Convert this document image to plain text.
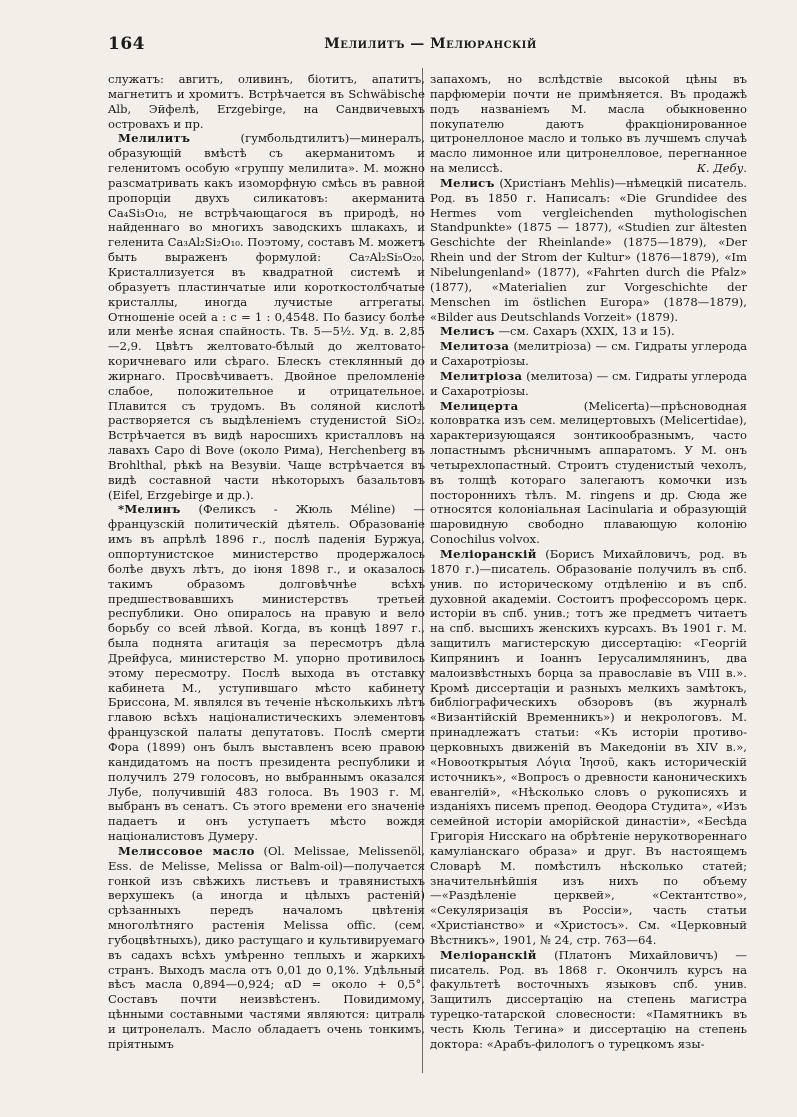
164	Мелилитъ — Мелюранскій

служатъ: авгитъ, оливинъ, біотитъ, апатитъ, магнетитъ и хромитъ. Встрѣчается въ Schwäbische Alb, Эйфелѣ, Erzgebirge, на Сандвичевыхъ островахъ и пр.

Мелилитъ	(гумбольдтилитъ)—минералъ, образующій вмѣстѣ съ акерманитомъ и геленитомъ особую «группу мелилита». М. можно разсматривать какъ изоморфную смѣсь въ равной пропорціи двухъ силикатовъ: акерманита Ca₄Si₃O₁₀, не встрѣчающагося въ природѣ, но найденнаго во многихъ заводскихъ шлакахъ, и геленита Ca₃Al₂Si₂O₁₀. Поэтому, составъ М. можетъ быть выраженъ формулой: Ca₇Al₂Si₅O₂₀. Кристаллизуется въ квадратной системѣ и образуетъ пластинчатые или короткостолбчатые кристаллы, иногда лучистые аггрегаты. Отношеніе осей a : c = 1 : 0,4548. По базису болѣе или менѣе ясная спайность. Тв. 5—5½. Уд. в. 2,85—2,9. Цвѣтъ желтовато-бѣлый до желтовато-коричневаго или сѣраго. Блескъ стеклянный до жирнаго. Просвѣчиваетъ. Двойное преломленіе слабое, положительное и отрицательное. Плавится съ трудомъ. Въ соляной кислотѣ растворяется съ выдѣленіемъ студенистой SiO₂. Встрѣчается въ видѣ наросшихъ кристалловъ на лавахъ Capo di Bove (около Рима), Herchenberg въ Brohlthal, рѣкѣ на Везувіи. Чаще встрѣчается въ видѣ составной части нѣкоторыхъ базальтовъ (Eifel, Erzgebirge и др.).

*Мелинъ (Феликсъ - Жюль Méline) — французскій политическій дѣятель. Образованіе имъ въ апрѣлѣ 1896 г., послѣ паденія Буржуа, оппортунистское министерство продержалось болѣе двухъ лѣтъ, до іюня 1898 г., и оказалось такимъ образомъ долговѣчнѣе всѣхъ предшествовавшихъ министерствъ третьей республики. Оно опиралось на правую и вело борьбу со всей лѣвой. Когда, въ концѣ 1897 г., была поднята агитація за пересмотръ дѣла Дрейфуса, министерство М. упорно противилось этому пересмотру. Послѣ выхода въ отставку кабинета М., уступившаго мѣсто кабинету Бриссона, М. являлся въ теченіе нѣсколькихъ лѣтъ главою всѣхъ націоналистическихъ элементовъ французской палаты депутатовъ. Послѣ смерти Фора (1899) онъ былъ выставленъ всею правою кандидатомъ на постъ президента республики и получилъ 279 голосовъ, но выбраннымъ оказался Лубе, получившій 483 голоса. Въ 1903 г. М. выбранъ въ сенатъ. Съ этого времени его значеніе падаетъ и онъ уступаетъ мѣсто вождя націоналистовъ Думеру.

Мелиссовое масло (Ol. Melissae, Melissenöl, Ess. de Melisse, Melissa or Balm-oil)—получается гонкой изъ свѣжихъ листьевъ и травянистыхъ верхушекъ (а иногда и цѣлыхъ растеній) срѣзанныхъ передъ началомъ цвѣтенія многолѣтняго растенія Melissa offic. (сем. губоцвѣтныхъ), дико растущаго и культивируемаго въ садахъ всѣхъ умѣренно теплыхъ и жаркихъ странъ. Выходъ масла отъ 0,01 до 0,1%. Удѣльный вѣсъ масла 0,894—0,924; αD = около + 0,5°. Составъ почти неизвѣстенъ. Повидимому, цѣнными составными частями являются: цитраль и цитронелалъ. Масло обладаетъ очень тонкимъ, пріятнымъ

запахомъ, но вслѣдствіе высокой цѣны въ парфюмеріи почти не примѣняется. Въ продажѣ подъ названіемъ М. масла обыкновенно покупателю даютъ фракціонированное цитронеллоное масло и только въ лучшемъ случаѣ масло лимонное или цитронелловое, перегнанное на мелиссѣ.	К. Дебу.

Мелисъ (Христіанъ Mehlis)—нѣмецкій писатель. Род. въ 1850 г. Написалъ: «Die Grundidee des Hermes vom vergleichenden mythologischen Standpunkte» (1875 — 1877), «Studien zur ältesten Geschichte der Rheinlande» (1875—1879), «Der Rhein und der Strom der Kultur» (1876—1879), «Im Nibelungenland» (1877), «Fahrten durch die Pfalz» (1877), «Materialien zur Vorgeschichte der Menschen im östlichen Europa» (1878—1879), «Bilder aus Deutschlands Vorzeit» (1879).

Мелисъ —см. Сахаръ (XXIX, 13 и 15).

Мелитоза (мелитріоза) — см. Гидраты углерода и Сахаротріозы.

Мелитріоза (мелитоза) — см. Гидраты углерода и Сахаротріозы.

Мелицерта	(Melicerta)—прѣсноводная коловратка изъ сем. мелицертовыхъ (Melicertidae), характеризующаяся зонтикообразнымъ, часто лопастнымъ рѣсничнымъ аппаратомъ. У М. онъ четырехлопастный. Строитъ студенистый чехолъ, въ толщѣ котораго залегаютъ комочки изъ постороннихъ тѣлъ. M. ringens и др. Сюда же относятся колоніальная Lacinularia и образующій шаровидную свободно плавающую колонію Conochilus volvox.

Меліоранскій (Борисъ Михайловичъ, род. въ 1870 г.)—писатель. Образованіе получилъ въ спб. унив. по историческому отдѣленію и въ спб. духовной академіи. Состоитъ профессоромъ церк. исторіи въ спб. унив.; тотъ же предметъ читаетъ на спб. высшихъ женскихъ курсахъ. Въ 1901 г. М. защитилъ магистерскую диссертацію: «Георгій Кипрянинъ и Іоаннъ Іерусалимлянинъ, два малоизвѣстныхъ борца за православіе въ VIII в.». Кромѣ диссертаціи и разныхъ мелкихъ замѣтокъ, библіографическихъ обзоровъ (въ журналѣ «Византійскій Временникъ») и некрологовъ. М. принадлежатъ статьи: «Къ исторіи противо-церковныхъ движеній въ Македоніи въ XIV в.», «Новооткрытыя Λόγια Ἰησοῦ, какъ историческій источникъ», «Вопросъ о древности каноническихъ евангелій», «Нѣсколько словъ о рукописяхъ и изданіяхъ писемъ препод. Ѳеодора Студита», «Изъ семейной исторіи аморійской династіи», «Бесѣда Григорія Нисскаго на обрѣтеніе нерукотвореннаго камуліанскаго образа» и друг. Въ настоящемъ Словарѣ М. помѣстилъ нѣсколько статей; значительнѣйшія изъ нихъ по объему—«Раздѣленіе церквей», «Сектантство», «Секуляризація въ Россіи», часть статьи «Христіанство» и «Христосъ». См. «Церковный Вѣстникъ», 1901, № 24, стр. 763—64.

Меліоранскій (Платонъ Михайловичъ) —писатель. Род. въ 1868 г. Окончилъ курсъ на факультетѣ восточныхъ языковъ спб. унив. Защитилъ диссертацію на степень магистра турецко-татарской словесности: «Памятникъ въ честь Кюль Тегина» и диссертацію на степень доктора: «Арабъ-филологъ о турецкомъ язы-
